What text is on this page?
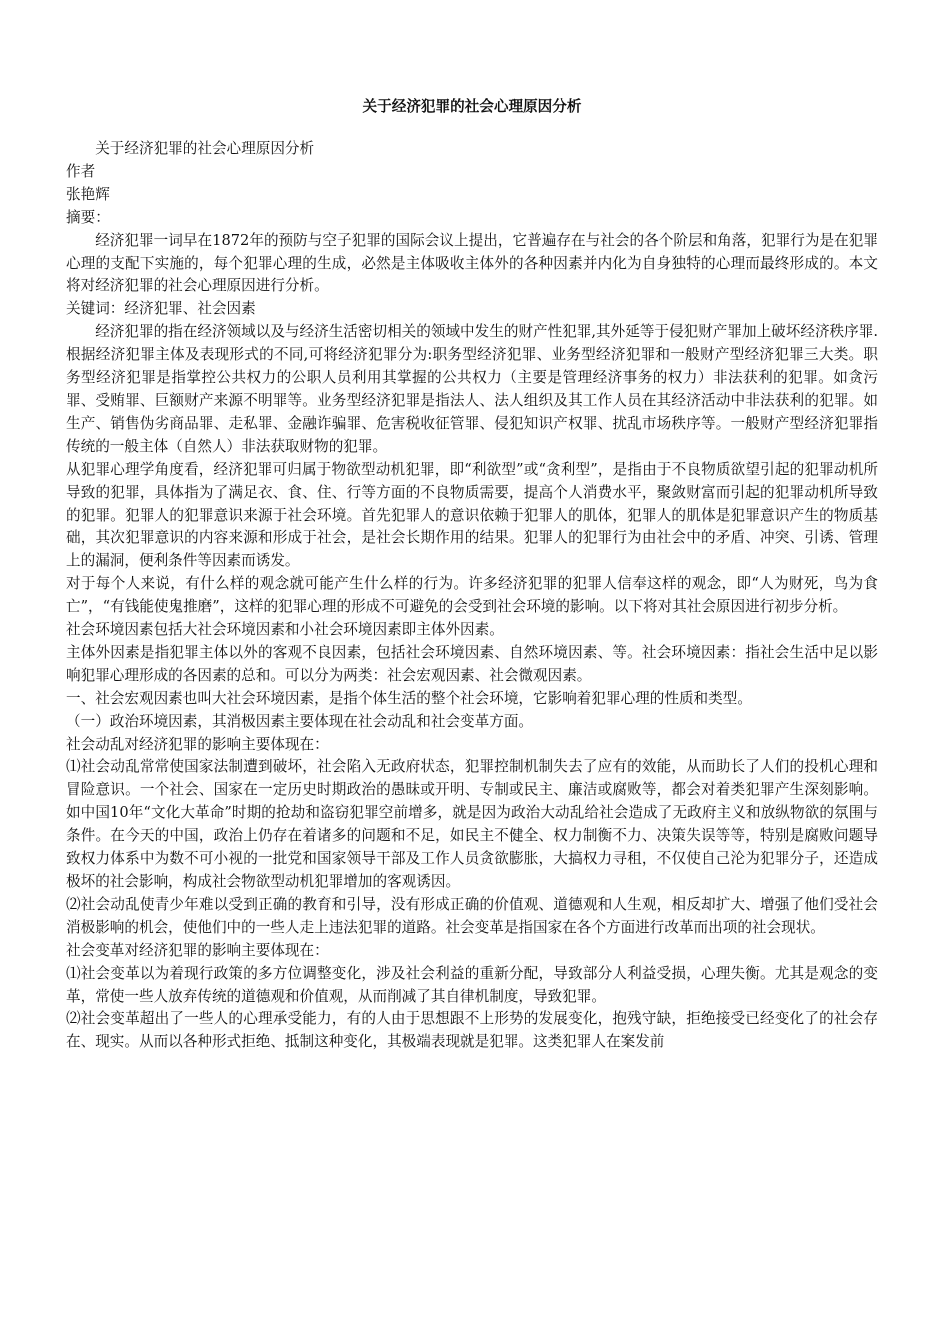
关于经济犯罪的社会心理原因分析
关于经济犯罪的社会心理原因分析
作者
张艳辉
摘要：
经济犯罪一词早在1872年的预防与空子犯罪的国际会议上提出，它普遍存在与社会的各个阶层和角落，犯罪行为是在犯罪心理的支配下实施的，每个犯罪心理的生成，必然是主体吸收主体外的各种因素并内化为自身独特的心理而最终形成的。本文将对经济犯罪的社会心理原因进行分析。
关键词：经济犯罪、社会因素
经济犯罪的指在经济领域以及与经济生活密切相关的领域中发生的财产性犯罪,其外延等于侵犯财产罪加上破坏经济秩序罪.根据经济犯罪主体及表现形式的不同,可将经济犯罪分为:职务型经济犯罪、业务型经济犯罪和一般财产型经济犯罪三大类。职务型经济犯罪是指掌控公共权力的公职人员利用其掌握的公共权力（主要是管理经济事务的权力）非法获利的犯罪。如贪污罪、受贿罪、巨额财产来源不明罪等。业务型经济犯罪是指法人、法人组织及其工作人员在其经济活动中非法获利的犯罪。如生产、销售伪劣商品罪、走私罪、金融诈骗罪、危害税收征管罪、侵犯知识产权罪、扰乱市场秩序等。一般财产型经济犯罪指传统的一般主体（自然人）非法获取财物的犯罪。
从犯罪心理学角度看，经济犯罪可归属于物欲型动机犯罪，即“利欲型”或“贪利型”，是指由于不良物质欲望引起的犯罪动机所导致的犯罪，具体指为了满足衣、食、住、行等方面的不良物质需要，提高个人消费水平，聚敛财富而引起的犯罪动机所导致的犯罪。犯罪人的犯罪意识来源于社会环境。首先犯罪人的意识依赖于犯罪人的肌体，犯罪人的肌体是犯罪意识产生的物质基础，其次犯罪意识的内容来源和形成于社会，是社会长期作用的结果。犯罪人的犯罪行为由社会中的矛盾、冲突、引诱、管理上的漏洞，便利条件等因素而诱发。
对于每个人来说，有什么样的观念就可能产生什么样的行为。许多经济犯罪的犯罪人信奉这样的观念，即“人为财死，鸟为食亡”，“有钱能使鬼推磨”，这样的犯罪心理的形成不可避免的会受到社会环境的影响。以下将对其社会原因进行初步分析。
社会环境因素包括大社会环境因素和小社会环境因素即主体外因素。
主体外因素是指犯罪主体以外的客观不良因素，包括社会环境因素、自然环境因素、等。社会环境因素：指社会生活中足以影响犯罪心理形成的各因素的总和。可以分为两类：社会宏观因素、社会微观因素。
一、社会宏观因素也叫大社会环境因素，是指个体生活的整个社会环境，它影响着犯罪心理的性质和类型。
（一）政治环境因素，其消极因素主要体现在社会动乱和社会变革方面。
社会动乱对经济犯罪的影响主要体现在：
⑴社会动乱常常使国家法制遭到破坏，社会陷入无政府状态，犯罪控制机制失去了应有的效能，从而助长了人们的投机心理和冒险意识。一个社会、国家在一定历史时期政治的愚昧或开明、专制或民主、廉洁或腐败等，都会对着类犯罪产生深刻影响。如中国10年“文化大革命”时期的抢劫和盗窃犯罪空前增多，就是因为政治大动乱给社会造成了无政府主义和放纵物欲的氛围与条件。在今天的中国，政治上仍存在着诸多的问题和不足，如民主不健全、权力制衡不力、决策失误等等，特别是腐败问题导致权力体系中为数不可小视的一批党和国家领导干部及工作人员贪欲膨胀，大搞权力寻租，不仅使自己沦为犯罪分子，还造成极坏的社会影响，构成社会物欲型动机犯罪增加的客观诱因。
⑵社会动乱使青少年难以受到正确的教育和引导，没有形成正确的价值观、道德观和人生观，相反却扩大、增强了他们受社会消极影响的机会，使他们中的一些人走上违法犯罪的道路。社会变革是指国家在各个方面进行改革而出项的社会现状。
社会变革对经济犯罪的影响主要体现在：
⑴社会变革以为着现行政策的多方位调整变化，涉及社会利益的重新分配，导致部分人利益受损，心理失衡。尤其是观念的变革，常使一些人放弃传统的道德观和价值观，从而削减了其自律机制度，导致犯罪。
⑵社会变革超出了一些人的心理承受能力，有的人由于思想跟不上形势的发展变化，抱残守缺，拒绝接受已经变化了的社会存在、现实。从而以各种形式拒绝、抵制这种变化，其极端表现就是犯罪。这类犯罪人在案发前
